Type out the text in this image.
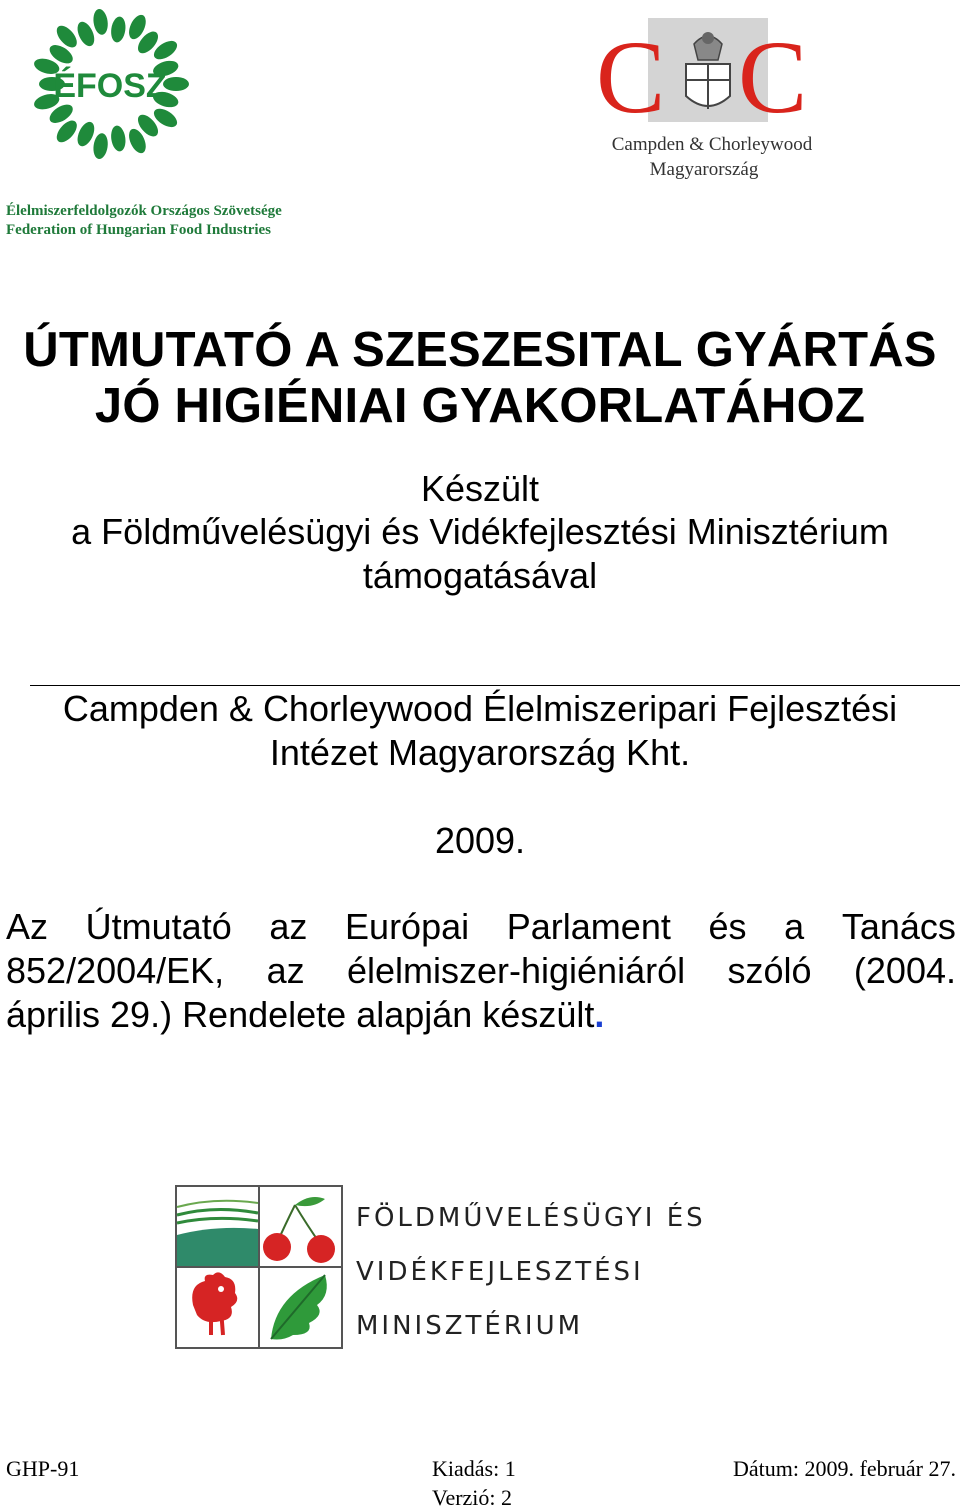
ÉFOSZ
Élelmiszerfeldolgozók Országos Szövetsége
Federation of Hungarian Food Industries
C C
Campden & Chorleywood
Magyarország
ÚTMUTATÓ A SZESZESITAL GYÁRTÁS
JÓ HIGIÉNIAI GYAKORLATÁHOZ
Készült
a Földművelésügyi és Vidékfejlesztési Minisztérium
támogatásával
Campden & Chorleywood Élelmiszeripari Fejlesztési
Intézet Magyarország Kht.
2009.
Az Útmutató az Európai Parlament és a Tanács
852/2004/EK, az élelmiszer-higiéniáról szóló (2004.
április 29.) Rendelete alapján készült.
FÖLDMŰVELÉSÜGYI ÉS
VIDÉKFEJLESZTÉSI
MINISZTÉRIUM
GHP-91	Kiadás: 1
Verzió: 2
Dátum: 2009. február 27.
